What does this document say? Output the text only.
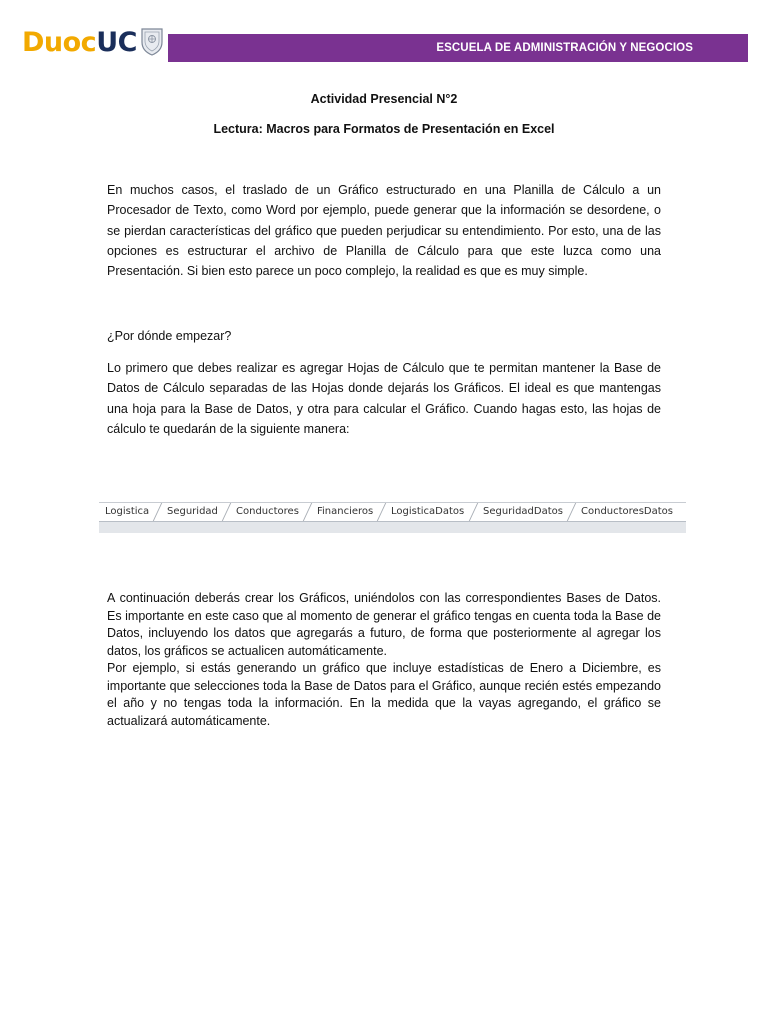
Duoc UC	ESCUELA DE ADMINISTRACIÓN Y NEGOCIOS

Actividad Presencial N°2

Lectura: Macros para Formatos de Presentación en Excel

En muchos casos, el traslado de un Gráfico estructurado en una Planilla de Cálculo a un Procesador de Texto, como Word por ejemplo, puede generar que la información se desordene, o se pierdan características del gráfico que pueden perjudicar su entendimiento. Por esto, una de las opciones es estructurar el archivo de Planilla de Cálculo para que este luzca como una Presentación. Si bien esto parece un poco complejo, la realidad es que es muy simple.

¿Por dónde empezar?

Lo primero que debes realizar es agregar Hojas de Cálculo que te permitan mantener la Base de Datos de Cálculo separadas de las Hojas donde dejarás los Gráficos. El ideal es que mantengas una hoja para la Base de Datos, y otra para calcular el Gráfico. Cuando hagas esto, las hojas de cálculo te quedarán de la siguiente manera:

A continuación deberás crear los Gráficos, uniéndolos con las correspondientes Bases de Datos. Es importante en este caso que al momento de generar el gráfico tengas en cuenta toda la Base de Datos, incluyendo los datos que agregarás a futuro, de forma que posteriormente al agregar los datos, los gráficos se actualicen automáticamente.

Por ejemplo, si estás generando un gráfico que incluye estadísticas de Enero a Diciembre, es importante que selecciones toda la Base de Datos para el Gráfico, aunque recién estés empezando el año y no tengas toda la información. En la medida que la vayas agregando, el gráfico se actualizará automáticamente.

Logistica	Seguridad	Conductores	Financieros	LogisticaDatos	SeguridadDatos	ConductoresDatos
